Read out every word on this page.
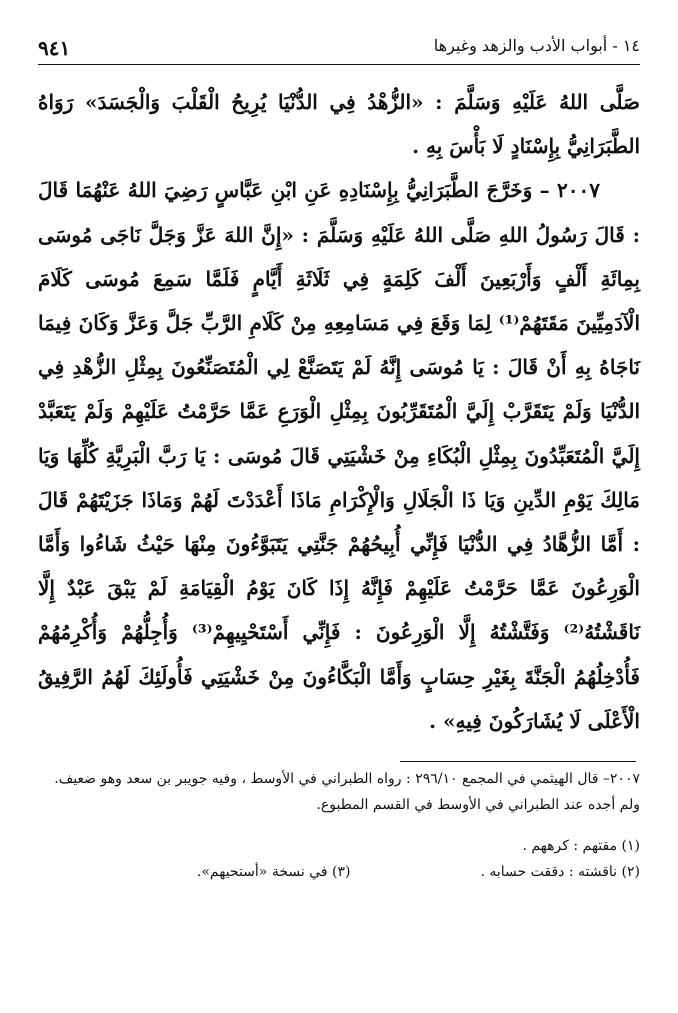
٩٤١	١٤ - أبواب الأدب والزهد وغيرها

صَلَّى اللهُ عَلَيْهِ وَسَلَّمَ : «الزُّهْدُ فِي الدُّنْيَا يُرِيحُ الْقَلْبَ وَالْجَسَدَ» رَوَاهُ الطَّبَرَانِيُّ بِإِسْنَادٍ لَا بَأْسَ بِهِ .

٢٠٠٧ – وَخَرَّجَ الطَّبَرَانِيُّ بِإِسْنَادِهِ عَنِ ابْنِ عَبَّاسٍ رَضِيَ اللهُ عَنْهُمَا قَالَ : قَالَ رَسُولُ اللهِ صَلَّى اللهُ عَلَيْهِ وَسَلَّمَ : «إِنَّ اللهَ عَزَّ وَجَلَّ نَاجَى مُوسَى بِمِائَةِ أَلْفٍ وَأَرْبَعِينَ أَلْفَ كَلِمَةٍ فِي ثَلَاثَةِ أَيَّامٍ فَلَمَّا سَمِعَ مُوسَى كَلَامَ الْآدَمِيِّينَ مَقَتَهُمْ⁽¹⁾ لِمَا وَقَعَ فِي مَسَامِعِهِ مِنْ كَلَامِ الرَّبِّ جَلَّ وَعَزَّ وَكَانَ فِيمَا نَاجَاهُ بِهِ أَنْ قَالَ : يَا مُوسَى إِنَّهُ لَمْ يَتَصَنَّعْ لِي الْمُتَصَنِّعُونَ بِمِثْلِ الزُّهْدِ فِي الدُّنْيَا وَلَمْ يَتَقَرَّبْ إِلَيَّ الْمُتَقَرِّبُونَ بِمِثْلِ الْوَرَعِ عَمَّا حَرَّمْتُ عَلَيْهِمْ وَلَمْ يَتَعَبَّدْ إِلَيَّ الْمُتَعَبِّدُونَ بِمِثْلِ الْبُكَاءِ مِنْ خَشْيَتِي قَالَ مُوسَى : يَا رَبَّ الْبَرِيَّةِ كُلِّهَا وَيَا مَالِكَ يَوْمِ الدِّينِ وَيَا ذَا الْجَلَالِ وَالْإِكْرَامِ مَاذَا أَعْدَدْتَ لَهُمْ وَمَاذَا جَزَيْتَهُمْ قَالَ : أَمَّا الزُّهَّادُ فِي الدُّنْيَا فَإِنِّي أُبِيحُهُمْ جَنَّتِي يَتَبَوَّءُونَ مِنْهَا حَيْثُ شَاءُوا وَأَمَّا الْوَرِعُونَ عَمَّا حَرَّمْتُ عَلَيْهِمْ فَإِنَّهُ إِذَا كَانَ يَوْمُ الْقِيَامَةِ لَمْ يَبْقَ عَبْدٌ إِلَّا نَاقَشْتُهُ⁽²⁾ وَفَتَّشْتُهُ إِلَّا الْوَرِعُونَ : فَإِنِّي أَسْتَحْيِيهِمْ⁽³⁾ وَأُجِلُّهُمْ وَأُكْرِمُهُمْ فَأُدْخِلُهُمُ الْجَنَّةَ بِغَيْرِ حِسَابٍ وَأَمَّا الْبَكَّاءُونَ مِنْ خَشْيَتِي فَأُولَئِكَ لَهُمُ الرَّفِيقُ الْأَعْلَى لَا يُشَارَكُونَ فِيهِ» .

٢٠٠٧– قال الهيثمي في المجمع ٢٩٦/١٠ : رواه الطبراني في الأوسط ، وفيه جويبر بن سعد وهو ضعيف. ولم أجده عند الطبراني في الأوسط في القسم المطبوع.

(١) مقتهم : كرههم .
(٢) ناقشته : دققت حسابه .
(٣) في نسخة «أستحيهم».
